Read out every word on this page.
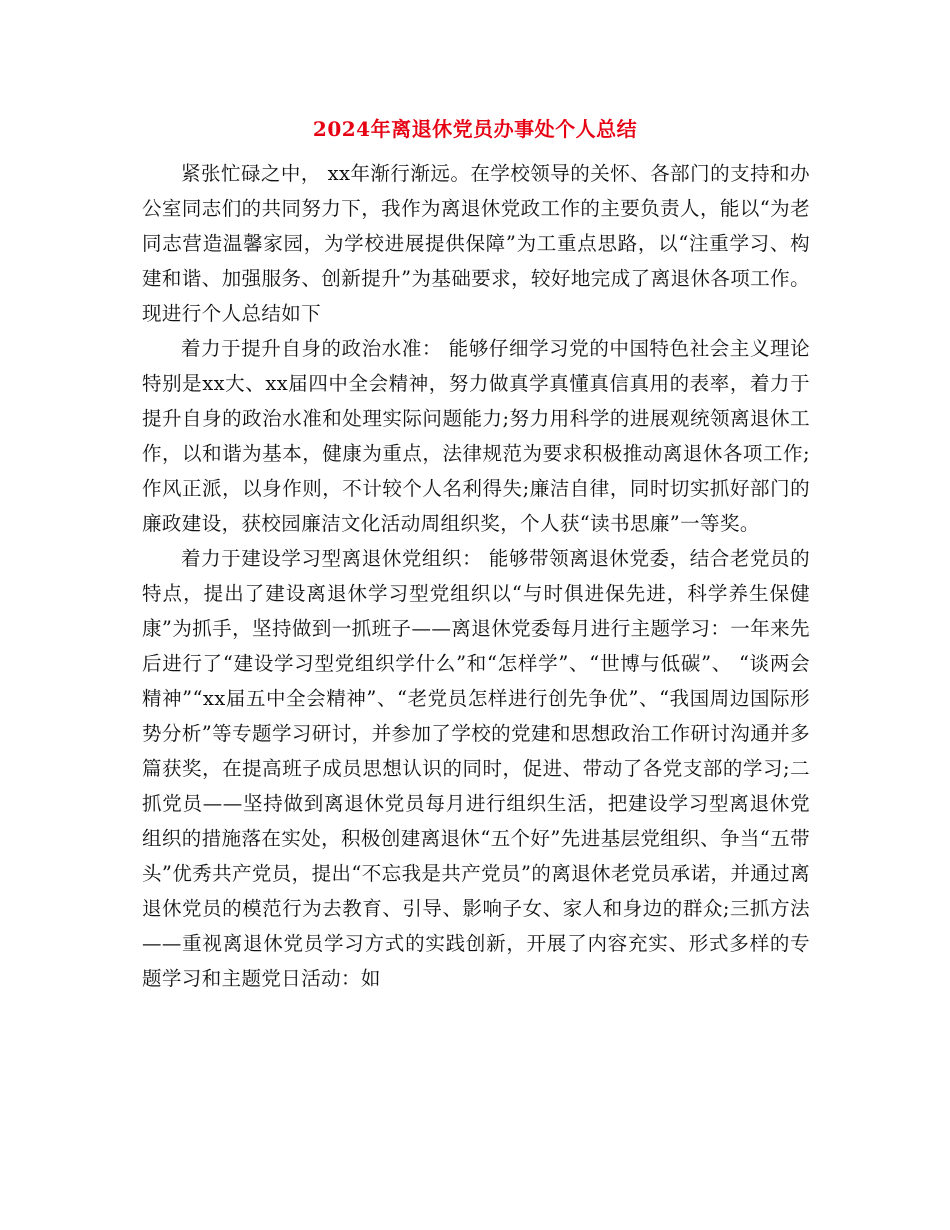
2024年离退休党员办事处个人总结

紧张忙碌之中， xx年渐行渐远。在学校领导的关怀、各部门的支持和办公室同志们的共同努力下，我作为离退休党政工作的主要负责人，能以“为老同志营造温馨家园，为学校进展提供保障”为工重点思路，以“注重学习、构建和谐、加强服务、创新提升”为基础要求，较好地完成了离退休各项工作。现进行个人总结如下

着力于提升自身的政治水准： 能够仔细学习党的中国特色社会主义理论特别是xx大、xx届四中全会精神，努力做真学真懂真信真用的表率，着力于提升自身的政治水准和处理实际问题能力;努力用科学的进展观统领离退休工作，以和谐为基本，健康为重点，法律规范为要求积极推动离退休各项工作;作风正派，以身作则，不计较个人名利得失;廉洁自律，同时切实抓好部门的廉政建设，获校园廉洁文化活动周组织奖，个人获“读书思廉”一等奖。

着力于建设学习型离退休党组织： 能够带领离退休党委，结合老党员的特点，提出了建设离退休学习型党组织以“与时俱进保先进，科学养生保健康”为抓手，坚持做到一抓班子——离退休党委每月进行主题学习：一年来先后进行了“建设学习型党组织学什么”和“怎样学”、“世博与低碳”、 “谈两会精神”“xx届五中全会精神”、“老党员怎样进行创先争优”、“我国周边国际形势分析”等专题学习研讨，并参加了学校的党建和思想政治工作研讨沟通并多篇获奖，在提高班子成员思想认识的同时，促进、带动了各党支部的学习;二抓党员——坚持做到离退休党员每月进行组织生活，把建设学习型离退休党组织的措施落在实处，积极创建离退休“五个好”先进基层党组织、争当“五带头”优秀共产党员，提出“不忘我是共产党员”的离退休老党员承诺，并通过离退休党员的模范行为去教育、引导、影响子女、家人和身边的群众;三抓方法——重视离退休党员学习方式的实践创新，开展了内容充实、形式多样的专题学习和主题党日活动：如
